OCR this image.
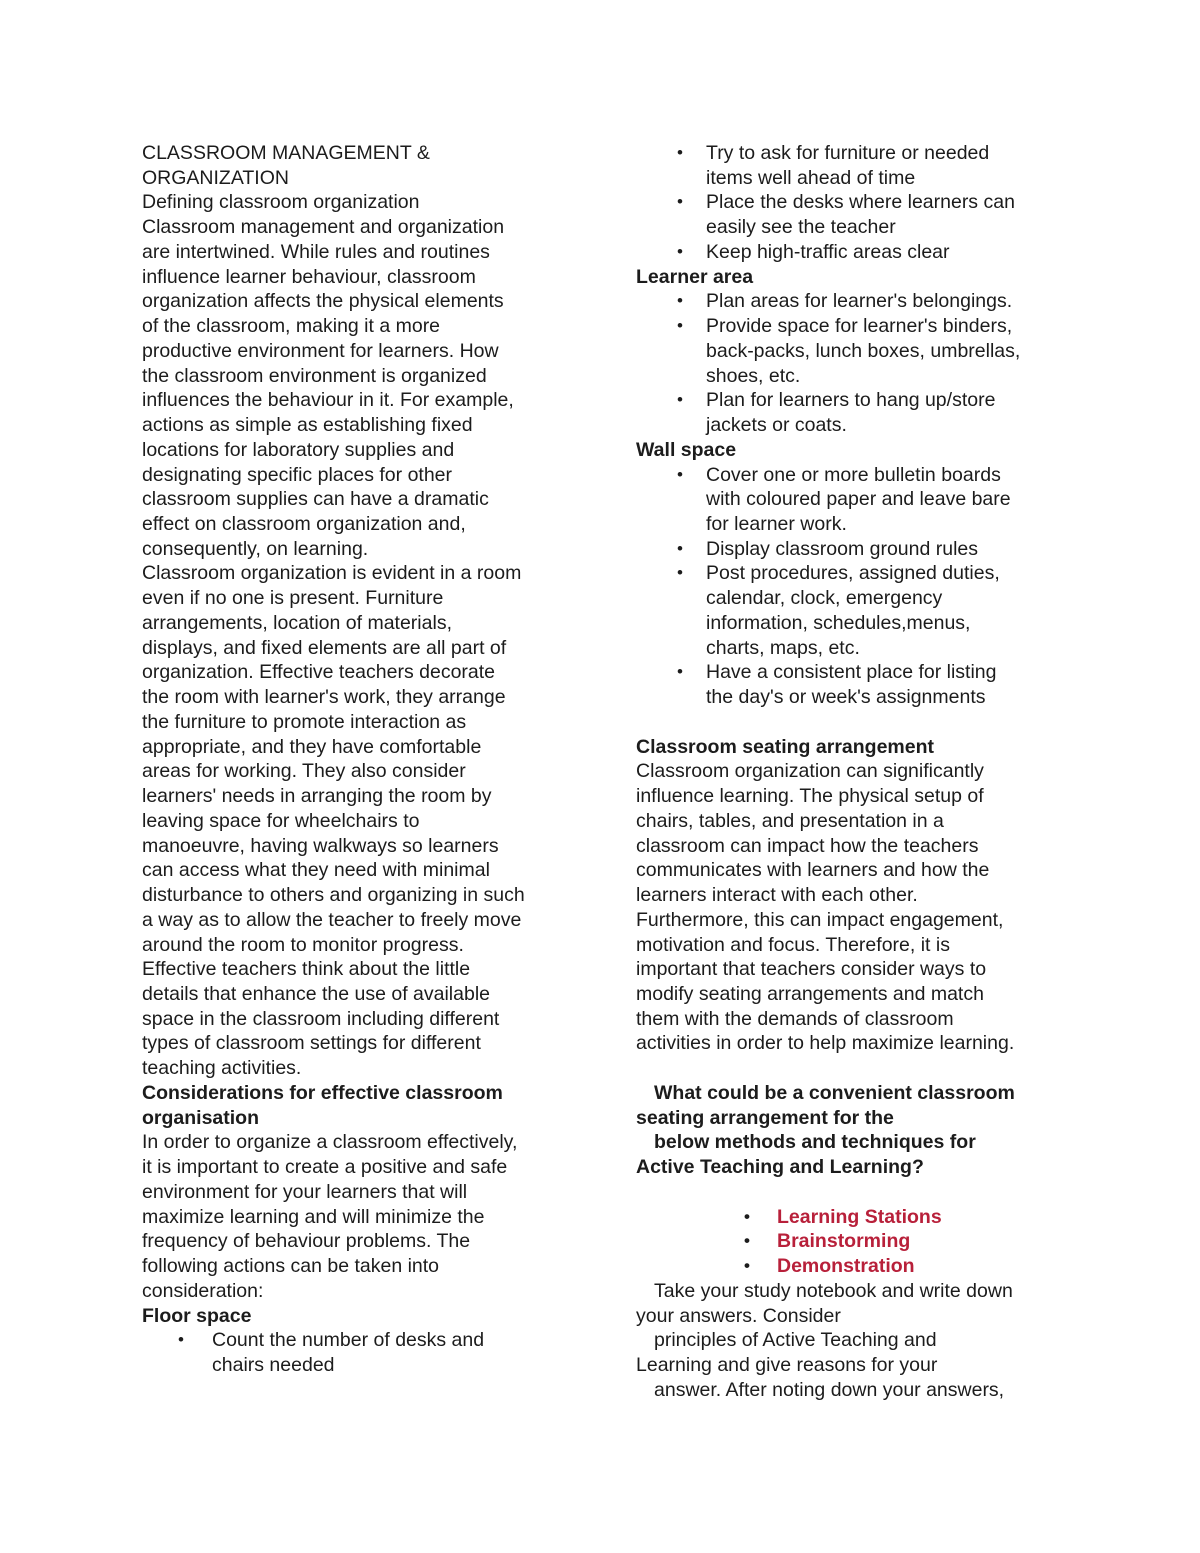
CLASSROOM MANAGEMENT &
ORGANIZATION
Defining classroom organization
Classroom management and organization
are intertwined. While rules and routines
influence learner behaviour, classroom
organization affects the physical elements
of the classroom, making it a more
productive environment for learners. How
the classroom environment is organized
influences the behaviour in it. For example,
actions as simple as establishing fixed
locations for laboratory supplies and
designating specific places for other
classroom supplies can have a dramatic
effect on classroom organization and,
consequently, on learning.
Classroom organization is evident in a room
even if no one is present. Furniture
arrangements, location of materials,
displays, and fixed elements are all part of
organization. Effective teachers decorate
the room with learner's work, they arrange
the furniture to promote interaction as
appropriate, and they have comfortable
areas for working. They also consider
learners' needs in arranging the room by
leaving space for wheelchairs to
manoeuvre, having walkways so learners
can access what they need with minimal
disturbance to others and organizing in such
a way as to allow the teacher to freely move
around the room to monitor progress.
Effective teachers think about the little
details that enhance the use of available
space in the classroom including different
types of classroom settings for different
teaching activities.
Considerations for effective classroom
organisation
In order to organize a classroom effectively,
it is important to create a positive and safe
environment for your learners that will
maximize learning and will minimize the
frequency of behaviour problems. The
following actions can be taken into
consideration:
Floor space
• Count the number of desks and
chairs needed
• Try to ask for furniture or needed
items well ahead of time
• Place the desks where learners can
easily see the teacher
• Keep high-traffic areas clear
Learner area
• Plan areas for learner's belongings.
• Provide space for learner's binders,
back-packs, lunch boxes, umbrellas,
shoes, etc.
• Plan for learners to hang up/store
jackets or coats.
Wall space
• Cover one or more bulletin boards
with coloured paper and leave bare
for learner work.
• Display classroom ground rules
• Post procedures, assigned duties,
calendar, clock, emergency
information, schedules,menus,
charts, maps, etc.
• Have a consistent place for listing
the day's or week's assignments
Classroom seating arrangement
Classroom organization can significantly
influence learning. The physical setup of
chairs, tables, and presentation in a
classroom can impact how the teachers
communicates with learners and how the
learners interact with each other.
Furthermore, this can impact engagement,
motivation and focus. Therefore, it is
important that teachers consider ways to
modify seating arrangements and match
them with the demands of classroom
activities in order to help maximize learning.
What could be a convenient classroom
seating arrangement for the
below methods and techniques for
Active Teaching and Learning?
• Learning Stations
• Brainstorming
• Demonstration
Take your study notebook and write down
your answers. Consider
principles of Active Teaching and
Learning and give reasons for your
answer. After noting down your answers,
